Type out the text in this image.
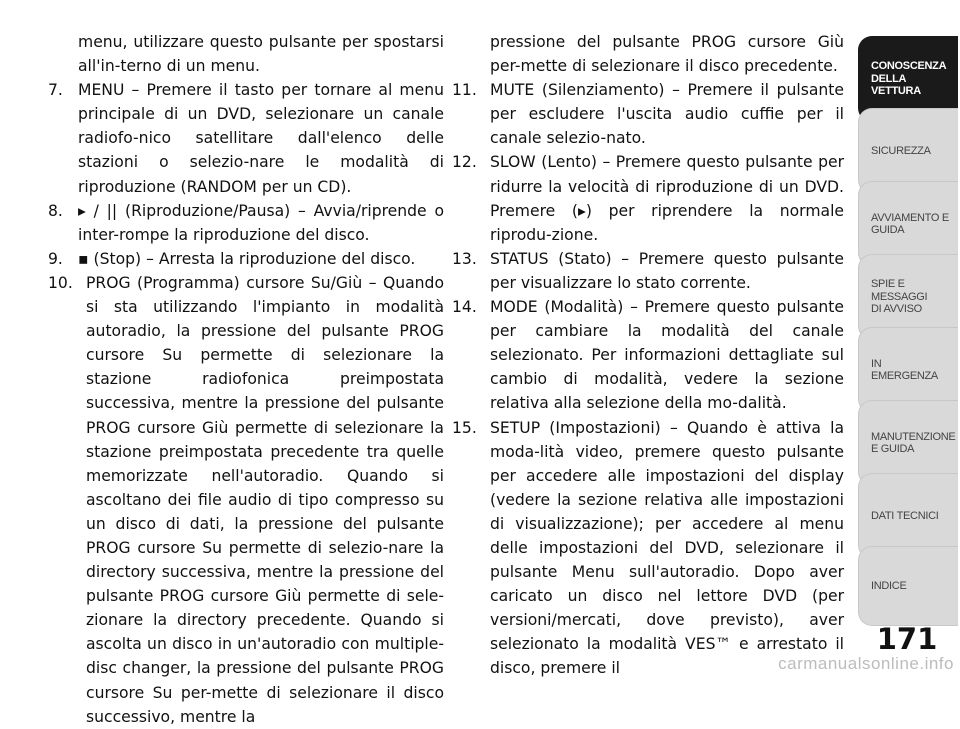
menu, utilizzare questo pulsante per spostarsi all'in-terno di un menu.
7. MENU – Premere il tasto per tornare al menu principale di un DVD, selezionare un canale radiofo-nico satellitare dall'elenco delle stazioni o selezio-nare le modalità di riproduzione (RANDOM per un CD).
8. ▸ / || (Riproduzione/Pausa) – Avvia/riprende o inter-rompe la riproduzione del disco.
9. ▪ (Stop) – Arresta la riproduzione del disco.
10. PROG (Programma) cursore Su/Giù – Quando si sta utilizzando l'impianto in modalità autoradio, la pressione del pulsante PROG cursore Su permette di selezionare la stazione radiofonica preimpostata successiva, mentre la pressione del pulsante PROG cursore Giù permette di selezionare la stazione preimpostata precedente tra quelle memorizzate nell'autoradio. Quando si ascoltano dei file audio di tipo compresso su un disco di dati, la pressione del pulsante PROG cursore Su permette di selezio-nare la directory successiva, mentre la pressione del pulsante PROG cursore Giù permette di sele-zionare la directory precedente. Quando si ascolta un disco in un'autoradio con multiple-disc changer, la pressione del pulsante PROG cursore Su per-mette di selezionare il disco successivo, mentre la
pressione del pulsante PROG cursore Giù per-mette di selezionare il disco precedente.
11. MUTE (Silenziamento) – Premere il pulsante per escludere l'uscita audio cuffie per il canale selezio-nato.
12. SLOW (Lento) – Premere questo pulsante per ridurre la velocità di riproduzione di un DVD. Premere (▸) per riprendere la normale riprodu-zione.
13. STATUS (Stato) – Premere questo pulsante per visualizzare lo stato corrente.
14. MODE (Modalità) – Premere questo pulsante per cambiare la modalità del canale selezionato. Per informazioni dettagliate sul cambio di modalità, vedere la sezione relativa alla selezione della mo-dalità.
15. SETUP (Impostazioni) – Quando è attiva la moda-lità video, premere questo pulsante per accedere alle impostazioni del display (vedere la sezione relativa alle impostazioni di visualizzazione); per accedere al menu delle impostazioni del DVD, selezionare il pulsante Menu sull'autoradio. Dopo aver caricato un disco nel lettore DVD (per versioni/mercati, dove previsto), aver selezionato la modalità VES™ e arrestato il disco, premere il
CONOSCENZA
DELLA VETTURA
SICUREZZA
AVVIAMENTO E
GUIDA
SPIE E
MESSAGGI
DI AVVISO
IN
EMERGENZA
MANUTENZIONE
E GUIDA
DATI TECNICI
INDICE
171
carmanualsonline.info
